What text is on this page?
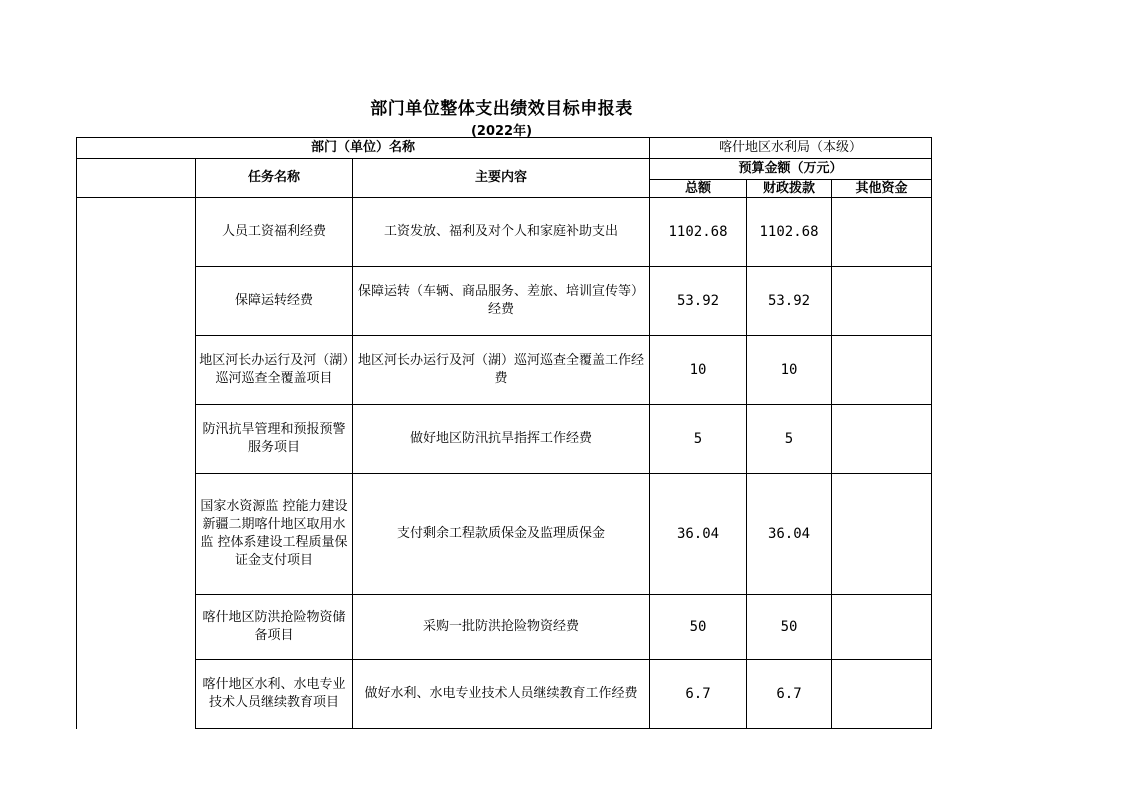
部门单位整体支出绩效目标申报表
(2022年)
部门（单位）名称			喀什地区水利局（本级）		
	任务名称	主要内容	预算金额（万元）		
			总额	财政拨款	其他资金
	人员工资福利经费	工资发放、福利及对个人和家庭补助支出	1102.68	1102.68	
	保障运转经费	保障运转（车辆、商品服务、差旅、培训宣传等）经费	53.92	53.92	
	地区河长办运行及河（湖）巡河巡查全覆盖项目	地区河长办运行及河（湖）巡河巡查全覆盖工作经费	10	10	
	防汛抗旱管理和预报预警服务项目	做好地区防汛抗旱指挥工作经费	5	5	
	国家水资源监 控能力建设新疆二期喀什地区取用水监 控体系建设工程质量保证金支付项目	支付剩余工程款质保金及监理质保金	36.04	36.04	
	喀什地区防洪抢险物资储备项目	采购一批防洪抢险物资经费	50	50	
	喀什地区水利、水电专业技术人员继续教育项目	做好水利、水电专业技术人员继续教育工作经费	6.7	6.7	
